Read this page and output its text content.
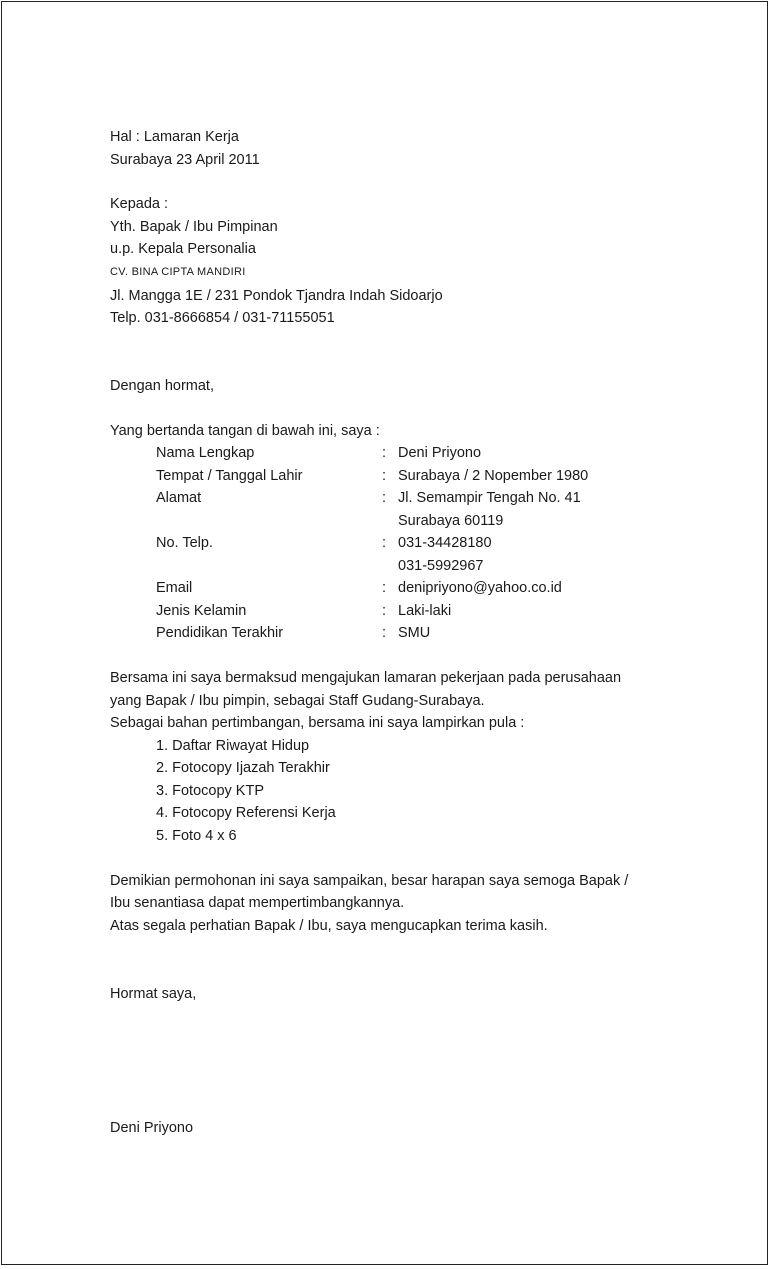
Hal : Lamaran Kerja
Surabaya 23 April 2011
Kepada :
Yth. Bapak / Ibu Pimpinan
u.p. Kepala Personalia
CV. BINA CIPTA MANDIRI
Jl. Mangga 1E / 231 Pondok Tjandra Indah Sidoarjo
Telp. 031-8666854 / 031-71155051
Dengan hormat,
Yang bertanda tangan di bawah ini, saya :
Nama Lengkap	: Deni Priyono
Tempat / Tanggal Lahir	: Surabaya / 2 Nopember 1980
Alamat	: Jl. Semampir Tengah No. 41
Surabaya 60119
No. Telp.	: 031-34428180
031-5992967
Email	: denipriyono@yahoo.co.id
Jenis Kelamin	: Laki-laki
Pendidikan Terakhir	: SMU
Bersama ini saya bermaksud mengajukan lamaran pekerjaan pada perusahaan
yang Bapak / Ibu pimpin, sebagai Staff Gudang-Surabaya.
Sebagai bahan pertimbangan, bersama ini saya lampirkan pula :
1. Daftar Riwayat Hidup
2. Fotocopy Ijazah Terakhir
3. Fotocopy KTP
4. Fotocopy Referensi Kerja
5. Foto 4 x 6
Demikian permohonan ini saya sampaikan, besar harapan saya semoga Bapak /
Ibu senantiasa dapat mempertimbangkannya.
Atas segala perhatian Bapak / Ibu, saya mengucapkan terima kasih.
Hormat saya,
Deni Priyono
